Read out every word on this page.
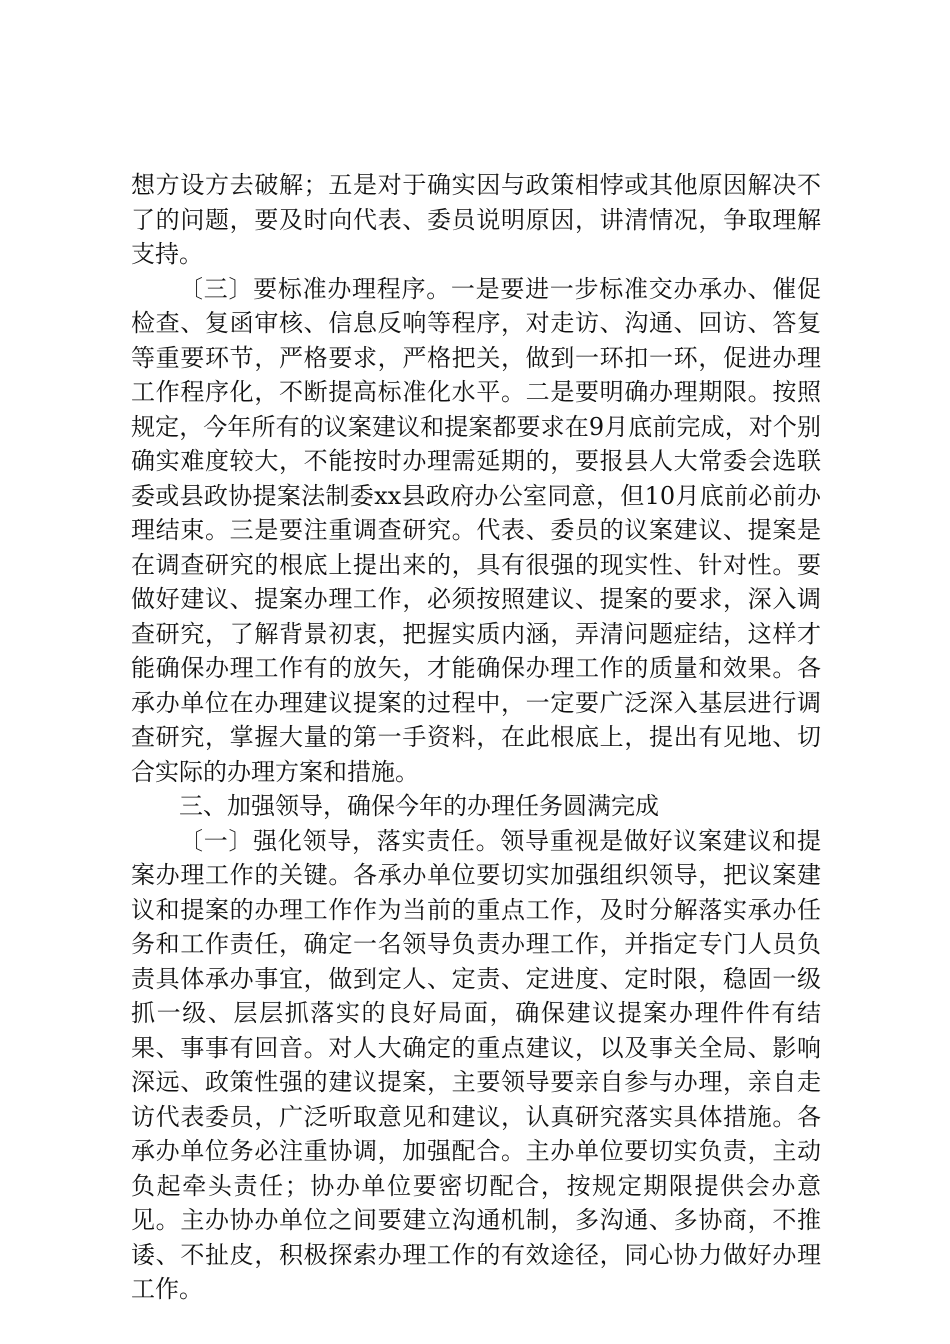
想方设方去破解；五是对于确实因与政策相悖或其他原因解决不了的问题，要及时向代表、委员说明原因，讲清情况，争取理解支持。

〔三〕要标准办理程序。一是要进一步标准交办承办、催促检查、复函审核、信息反响等程序，对走访、沟通、回访、答复等重要环节，严格要求，严格把关，做到一环扣一环，促进办理工作程序化，不断提高标准化水平。二是要明确办理期限。按照规定，今年所有的议案建议和提案都要求在9月底前完成，对个别确实难度较大，不能按时办理需延期的，要报县人大常委会选联委或县政协提案法制委xx县政府办公室同意，但10月底前必前办理结束。三是要注重调查研究。代表、委员的议案建议、提案是在调查研究的根底上提出来的，具有很强的现实性、针对性。要做好建议、提案办理工作，必须按照建议、提案的要求，深入调查研究，了解背景初衷，把握实质内涵，弄清问题症结，这样才能确保办理工作有的放矢，才能确保办理工作的质量和效果。各承办单位在办理建议提案的过程中，一定要广泛深入基层进行调查研究，掌握大量的第一手资料，在此根底上，提出有见地、切合实际的办理方案和措施。

三、加强领导，确保今年的办理任务圆满完成

〔一〕强化领导，落实责任。领导重视是做好议案建议和提案办理工作的关键。各承办单位要切实加强组织领导，把议案建议和提案的办理工作作为当前的重点工作，及时分解落实承办任务和工作责任，确定一名领导负责办理工作，并指定专门人员负责具体承办事宜，做到定人、定责、定进度、定时限，稳固一级抓一级、层层抓落实的良好局面，确保建议提案办理件件有结果、事事有回音。对人大确定的重点建议，以及事关全局、影响深远、政策性强的建议提案，主要领导要亲自参与办理，亲自走访代表委员，广泛听取意见和建议，认真研究落实具体措施。各承办单位务必注重协调，加强配合。主办单位要切实负责，主动负起牵头责任；协办单位要密切配合，按规定期限提供会办意见。主办协办单位之间要建立沟通机制，多沟通、多协商，不推诿、不扯皮，积极探索办理工作的有效途径，同心协力做好办理工作。
